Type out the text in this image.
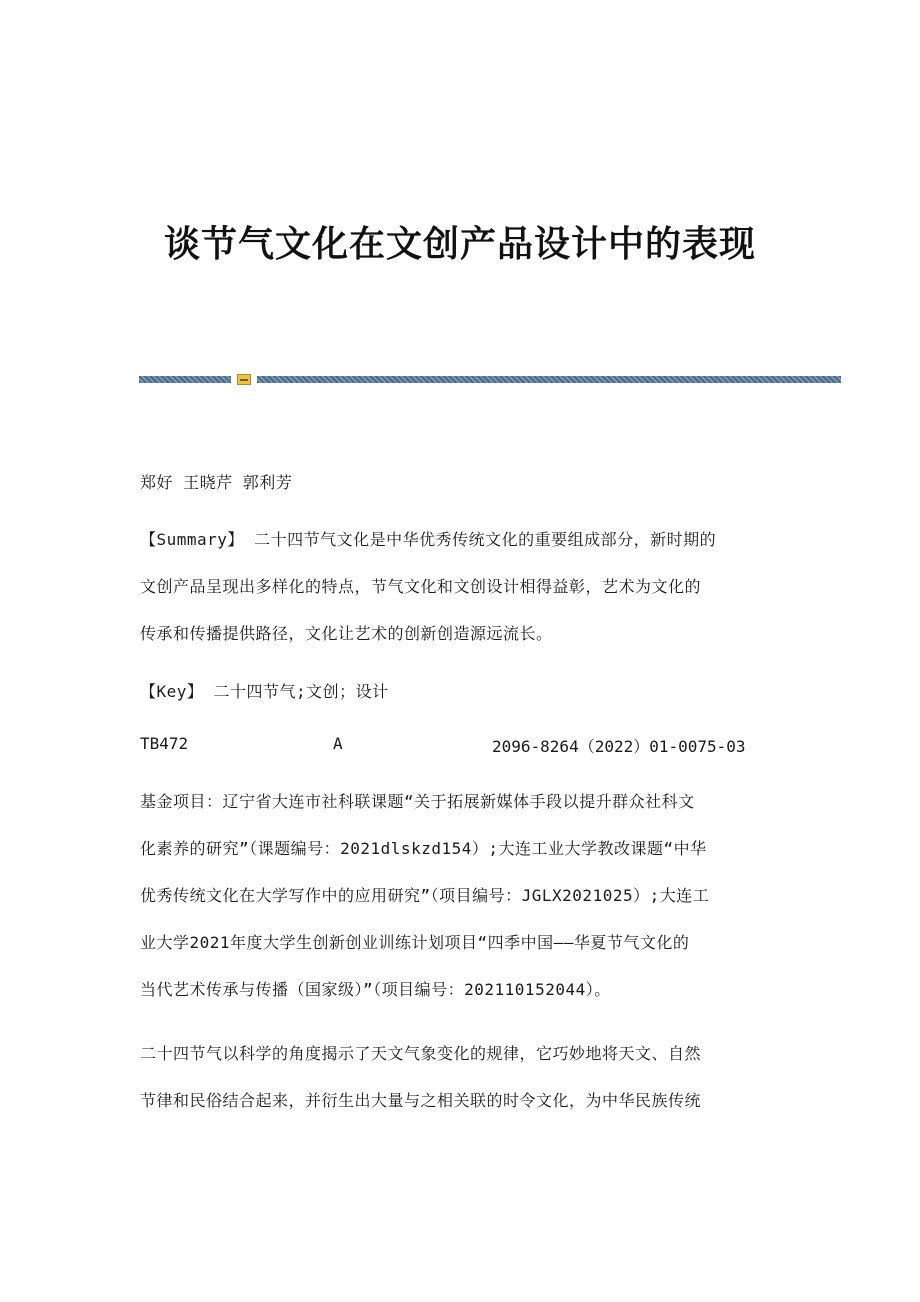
谈节气文化在文创产品设计中的表现
郑好 王晓芹 郭利芳
【Summary】 二十四节气文化是中华优秀传统文化的重要组成部分，新时期的
文创产品呈现出多样化的特点，节气文化和文创设计相得益彰，艺术为文化的
传承和传播提供路径，文化让艺术的创新创造源远流长。
【Key】 二十四节气;文创；设计
TB472	A	2096-8264（2022）01-0075-03
基金项目：辽宁省大连市社科联课题“关于拓展新媒体手段以提升群众社科文
化素养的研究”（课题编号：2021dlskzd154）;大连工业大学教改课题“中华
优秀传统文化在大学写作中的应用研究”（项目编号：JGLX2021025）;大连工
业大学2021年度大学生创新创业训练计划项目“四季中国——华夏节气文化的
当代艺术传承与传播（国家级）”（项目编号：202110152044）。
二十四节气以科学的角度揭示了天文气象变化的规律，它巧妙地将天文、自然
节律和民俗结合起来，并衍生出大量与之相关联的时令文化，为中华民族传统
